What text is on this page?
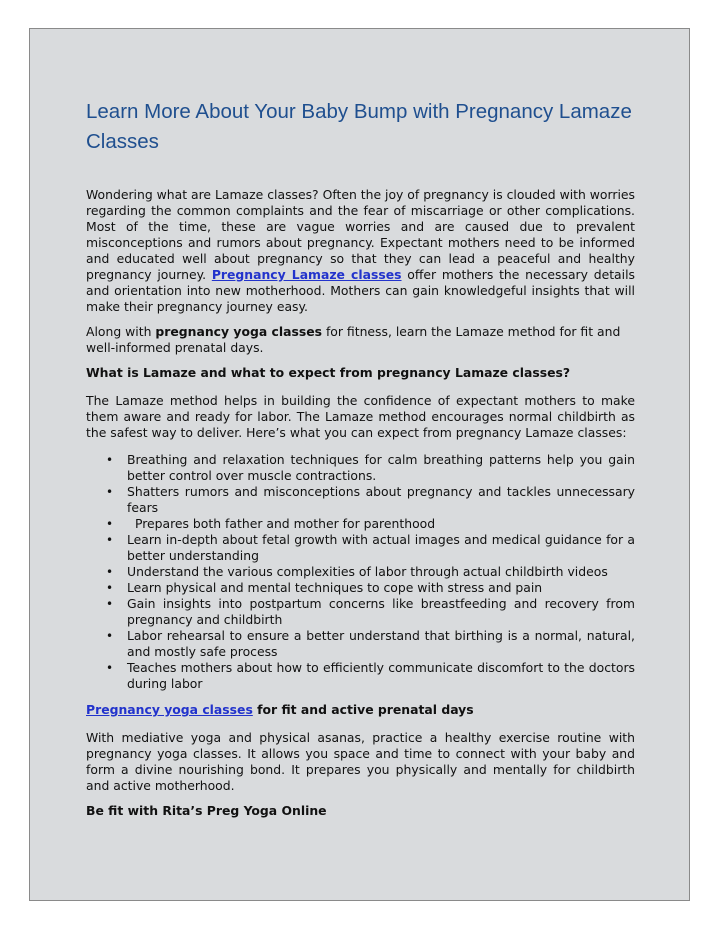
Learn More About Your Baby Bump with Pregnancy Lamaze Classes

Wondering what are Lamaze classes? Often the joy of pregnancy is clouded with worries regarding the common complaints and the fear of miscarriage or other complications. Most of the time, these are vague worries and are caused due to prevalent misconceptions and rumors about pregnancy. Expectant mothers need to be informed and educated well about pregnancy so that they can lead a peaceful and healthy pregnancy journey. Pregnancy Lamaze classes offer mothers the necessary details and orientation into new motherhood. Mothers can gain knowledgeful insights that will make their pregnancy journey easy.

Along with pregnancy yoga classes for fitness, learn the Lamaze method for fit and well-informed prenatal days.

What is Lamaze and what to expect from pregnancy Lamaze classes?

The Lamaze method helps in building the confidence of expectant mothers to make them aware and ready for labor. The Lamaze method encourages normal childbirth as the safest way to deliver. Here’s what you can expect from pregnancy Lamaze classes:

• Breathing and relaxation techniques for calm breathing patterns help you gain better control over muscle contractions.
• Shatters rumors and misconceptions about pregnancy and tackles unnecessary fears
• Prepares both father and mother for parenthood
• Learn in-depth about fetal growth with actual images and medical guidance for a better understanding
• Understand the various complexities of labor through actual childbirth videos
• Learn physical and mental techniques to cope with stress and pain
• Gain insights into postpartum concerns like breastfeeding and recovery from pregnancy and childbirth
• Labor rehearsal to ensure a better understand that birthing is a normal, natural, and mostly safe process
• Teaches mothers about how to efficiently communicate discomfort to the doctors during labor

Pregnancy yoga classes for fit and active prenatal days

With mediative yoga and physical asanas, practice a healthy exercise routine with pregnancy yoga classes. It allows you space and time to connect with your baby and form a divine nourishing bond. It prepares you physically and mentally for childbirth and active motherhood.

Be fit with Rita’s Preg Yoga Online
